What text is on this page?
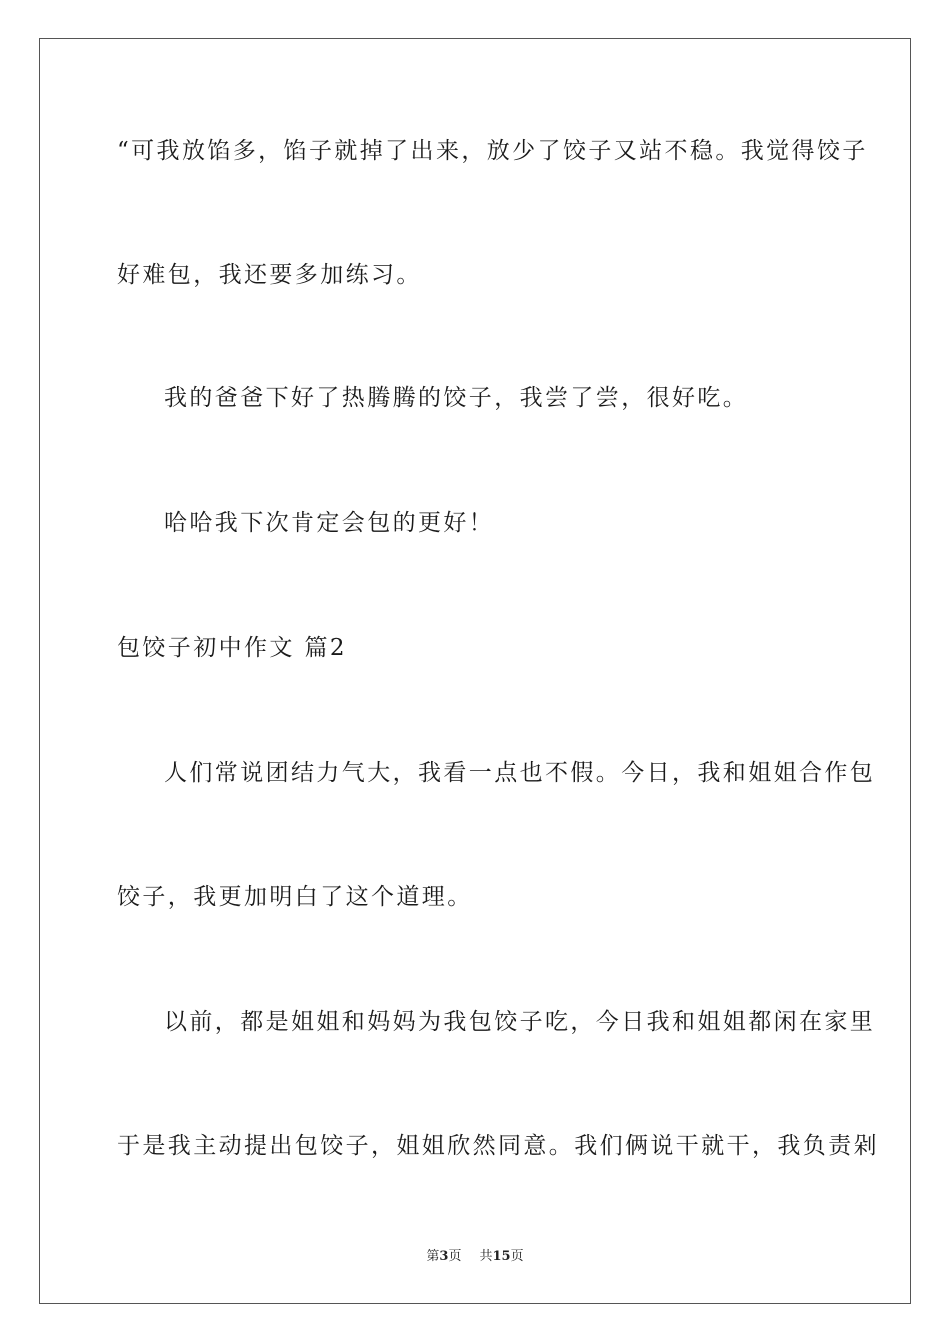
“可我放馅多，馅子就掉了出来，放少了饺子又站不稳。我觉得饺子
好难包，我还要多加练习。
我的爸爸下好了热腾腾的饺子，我尝了尝，很好吃。
哈哈我下次肯定会包的更好！
包饺子初中作文 篇2
人们常说团结力气大，我看一点也不假。今日，我和姐姐合作包
饺子，我更加明白了这个道理。
以前，都是姐姐和妈妈为我包饺子吃，今日我和姐姐都闲在家里
于是我主动提出包饺子，姐姐欣然同意。我们俩说干就干，我负责剁
第3页 共15页
